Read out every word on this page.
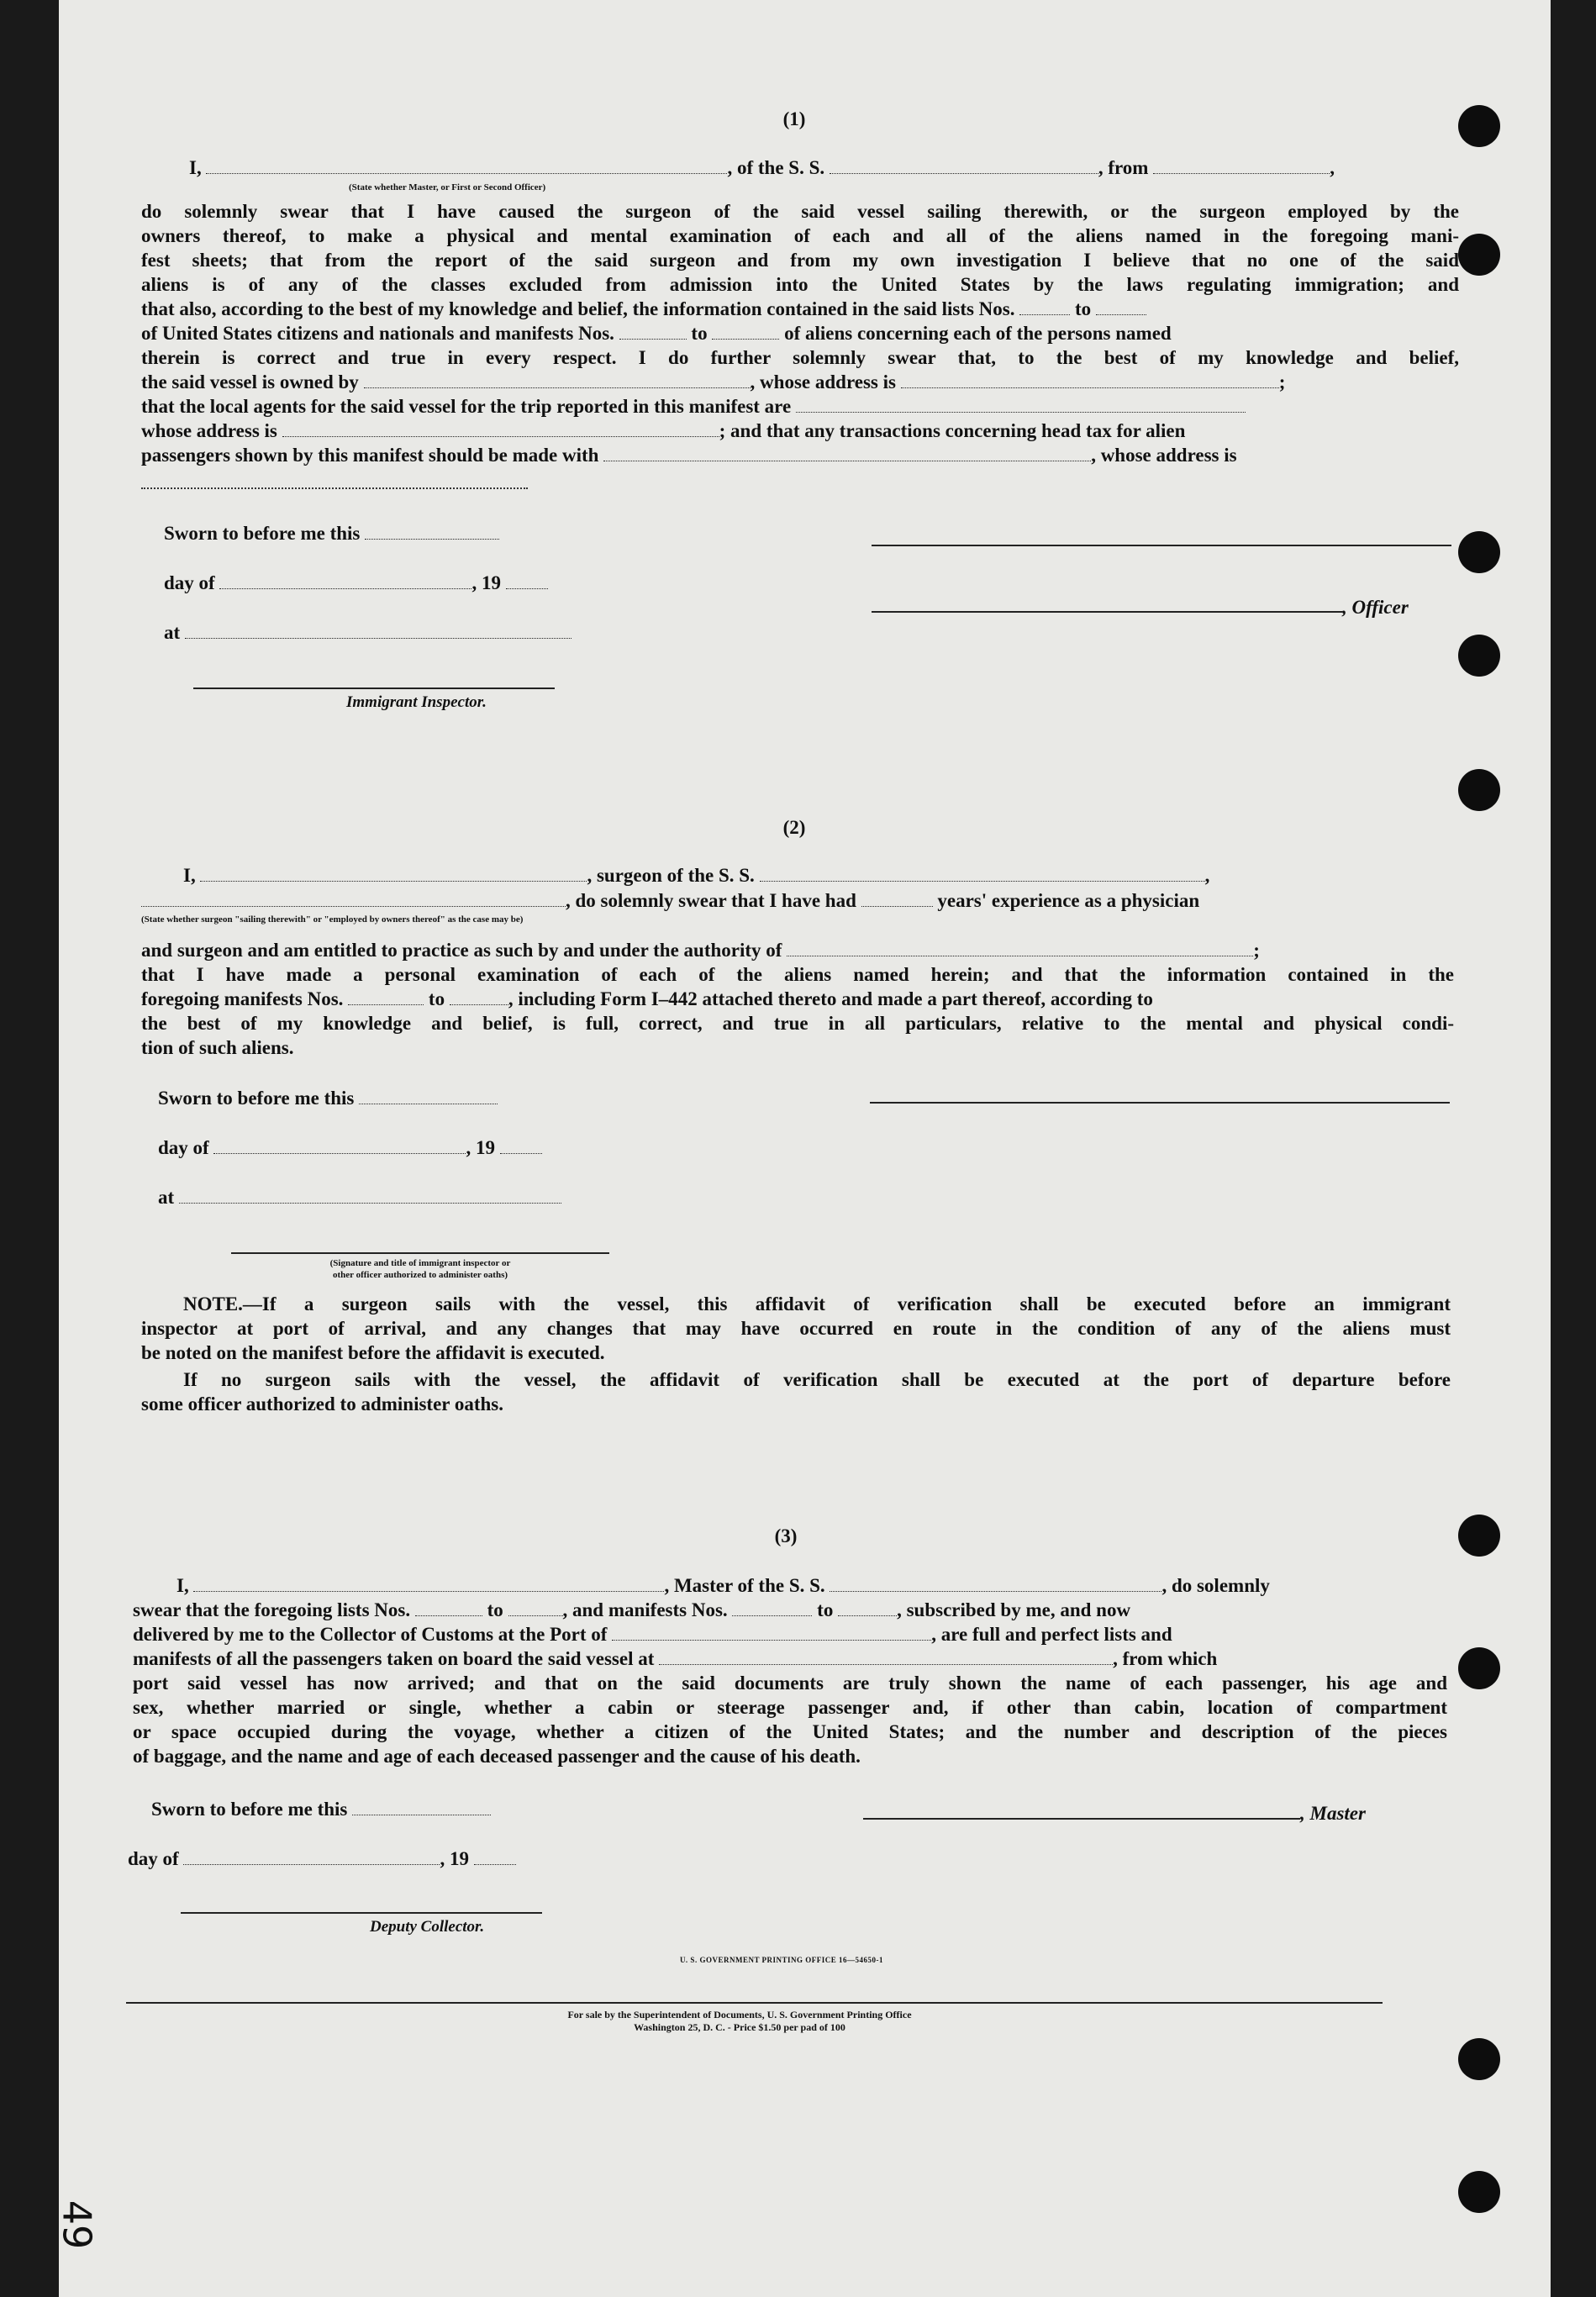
(1)
I,	, of the S. S.	, from	,
(State whether Master, or First or Second Officer)
do solemnly swear that I have caused the surgeon of the said vessel sailing therewith, or the surgeon employed by the
owners thereof, to make a physical and mental examination of each and all of the aliens named in the foregoing mani-
fest sheets; that from the report of the said surgeon and from my own investigation I believe that no one of the said
aliens is of any of the classes excluded from admission into the United States by the laws regulating immigration; and
that also, according to the best of my knowledge and belief, the information contained in the said lists Nos.	to
of United States citizens and nationals and manifests Nos.	to	of aliens concerning each of the persons named
therein is correct and true in every respect. I do further solemnly swear that, to the best of my knowledge and belief,
the said vessel is owned by	, whose address is	;
that the local agents for the said vessel for the trip reported in this manifest are
whose address is	; and that any transactions concerning head tax for alien
passengers shown by this manifest should be made with	, whose address is
Sworn to before me this
day of	, 19
at
Immigrant Inspector.
, Officer
(2)
I,	, surgeon of the S. S.	,
, do solemnly swear that I have had	years' experience as a physician
(State whether surgeon "sailing therewith" or "employed by owners thereof" as the case may be)
and surgeon and am entitled to practice as such by and under the authority of	;
that I have made a personal examination of each of the aliens named herein; and that the information contained in the
foregoing manifests Nos.	to	, including Form I–442 attached thereto and made a part thereof, according to
the best of my knowledge and belief, is full, correct, and true in all particulars, relative to the mental and physical condi-
tion of such aliens.
Sworn to before me this
day of	, 19
at
(Signature and title of immigrant inspector or
other officer authorized to administer oaths)
NOTE.—If a surgeon sails with the vessel, this affidavit of verification shall be executed before an immigrant
inspector at port of arrival, and any changes that may have occurred en route in the condition of any of the aliens must
be noted on the manifest before the affidavit is executed.
If no surgeon sails with the vessel, the affidavit of verification shall be executed at the port of departure before
some officer authorized to administer oaths.
(3)
I,	, Master of the S. S.	, do solemnly
swear that the foregoing lists Nos.	to	, and manifests Nos.	to	, subscribed by me, and now
delivered by me to the Collector of Customs at the Port of	, are full and perfect lists and
manifests of all the passengers taken on board the said vessel at	, from which
port said vessel has now arrived; and that on the said documents are truly shown the name of each passenger, his age and
sex, whether married or single, whether a cabin or steerage passenger and, if other than cabin, location of compartment
or space occupied during the voyage, whether a citizen of the United States; and the number and description of the pieces
of baggage, and the name and age of each deceased passenger and the cause of his death.
Sworn to before me this
day of	, 19
, Master
Deputy Collector.
U. S. GOVERNMENT PRINTING OFFICE 16—54650-1
For sale by the Superintendent of Documents, U. S. Government Printing Office
Washington 25, D. C. - Price $1.50 per pad of 100
49
